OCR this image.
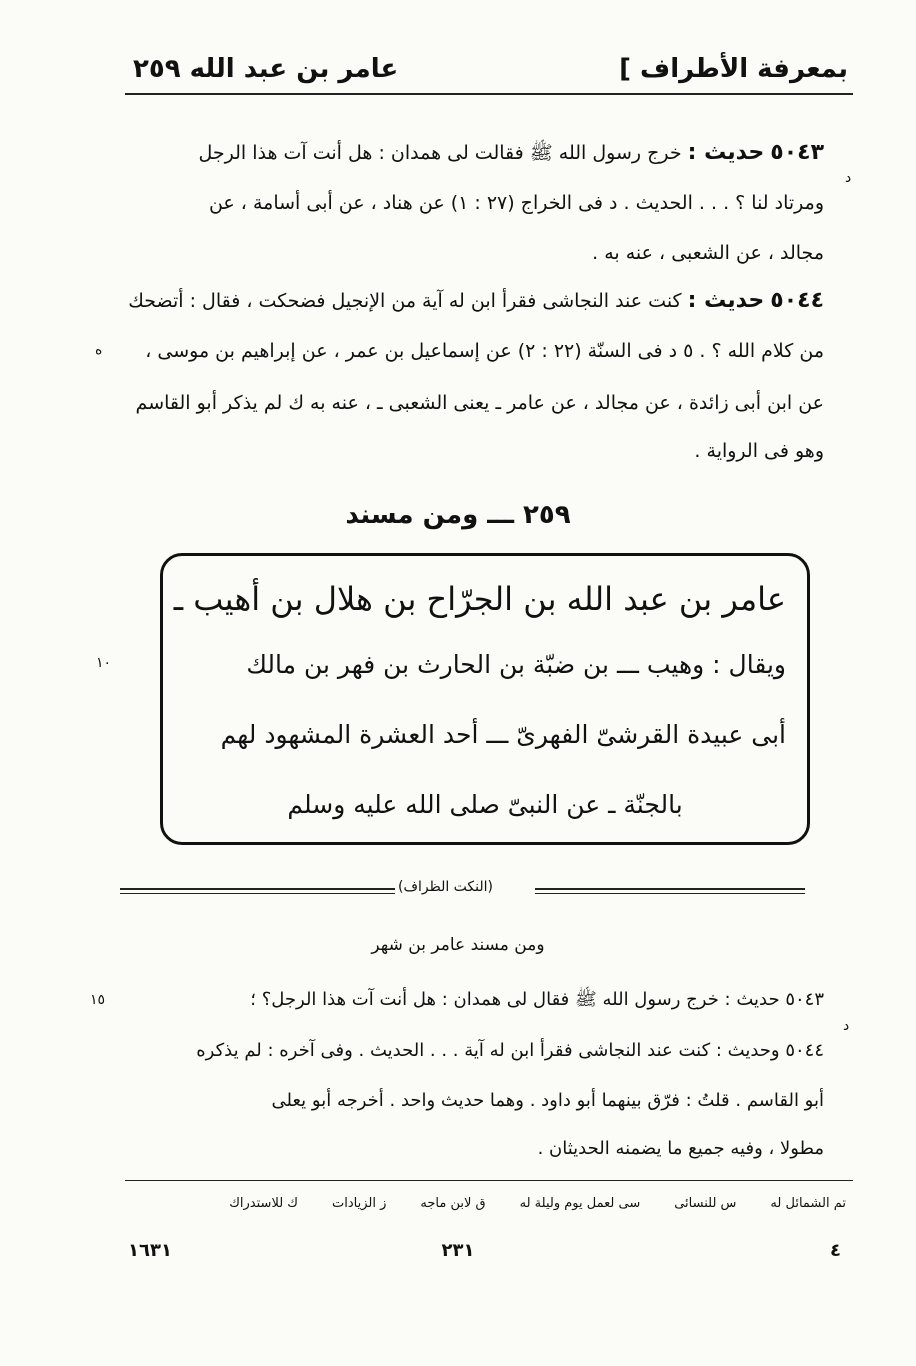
عامر بن عبد الله ٢٥٩	بمعرفة الأطراف ]
٥٠٤٣ حديث : خرج رسول الله ﷺ فقالت لى همدان : هل أنت آت هذا الرجل
د
ومرتاد لنا ؟ . . . الحديث . د فى الخراج (٢٧ : ١) عن هناد ، عن أبى أسامة ، عن
مجالد ، عن الشعبى ، عنه به .
٥٠٤٤ حديث : كنت عند النجاشى فقرأ ابن له آية من الإنجيل فضحكت ، فقال : أتضحك
من كلام الله ؟ . ٥ د فى السنّة (٢٢ : ٢) عن إسماعيل بن عمر ، عن إبراهيم بن موسى ،
ه
عن ابن أبى زائدة ، عن مجالد ، عن عامر ـ يعنى الشعبى ـ ، عنه به ك لم يذكر أبو القاسم
وهو فى الرواية .
٢٥٩ ـــ ومن مسند
عامر بن عبد الله بن الجرّاح بن هلال بن أهيب ـ
ويقال : وهيب ـــ بن ضبّة بن الحارث بن فهر بن مالك
أبى عبيدة القرشىّ الفهرىّ ـــ أحد العشرة المشهود لهم
بالجنّة ـ عن النبىّ صلى الله عليه وسلم
١٠
(النكت الظراف)
ومن مسند عامر بن شهر
٥٠٤٣ حديث : خرج رسول الله ﷺ فقال لى همدان : هل أنت آت هذا الرجل؟ ؛
١٥
د
٥٠٤٤ وحديث : كنت عند النجاشى فقرأ ابن له آية . . . الحديث . وفى آخره : لم يذكره
أبو القاسم . قلتُ : فرّق بينهما أبو داود . وهما حديث واحد . أخرجه أبو يعلى
مطولا ، وفيه جميع ما يضمنه الحديثان .
تم الشمائل له
س للنسائى
سى لعمل يوم وليلة له
ق لابن ماجه
ز الزيادات
ك للاستدراك
١٦٣١	٢٣١	٤
